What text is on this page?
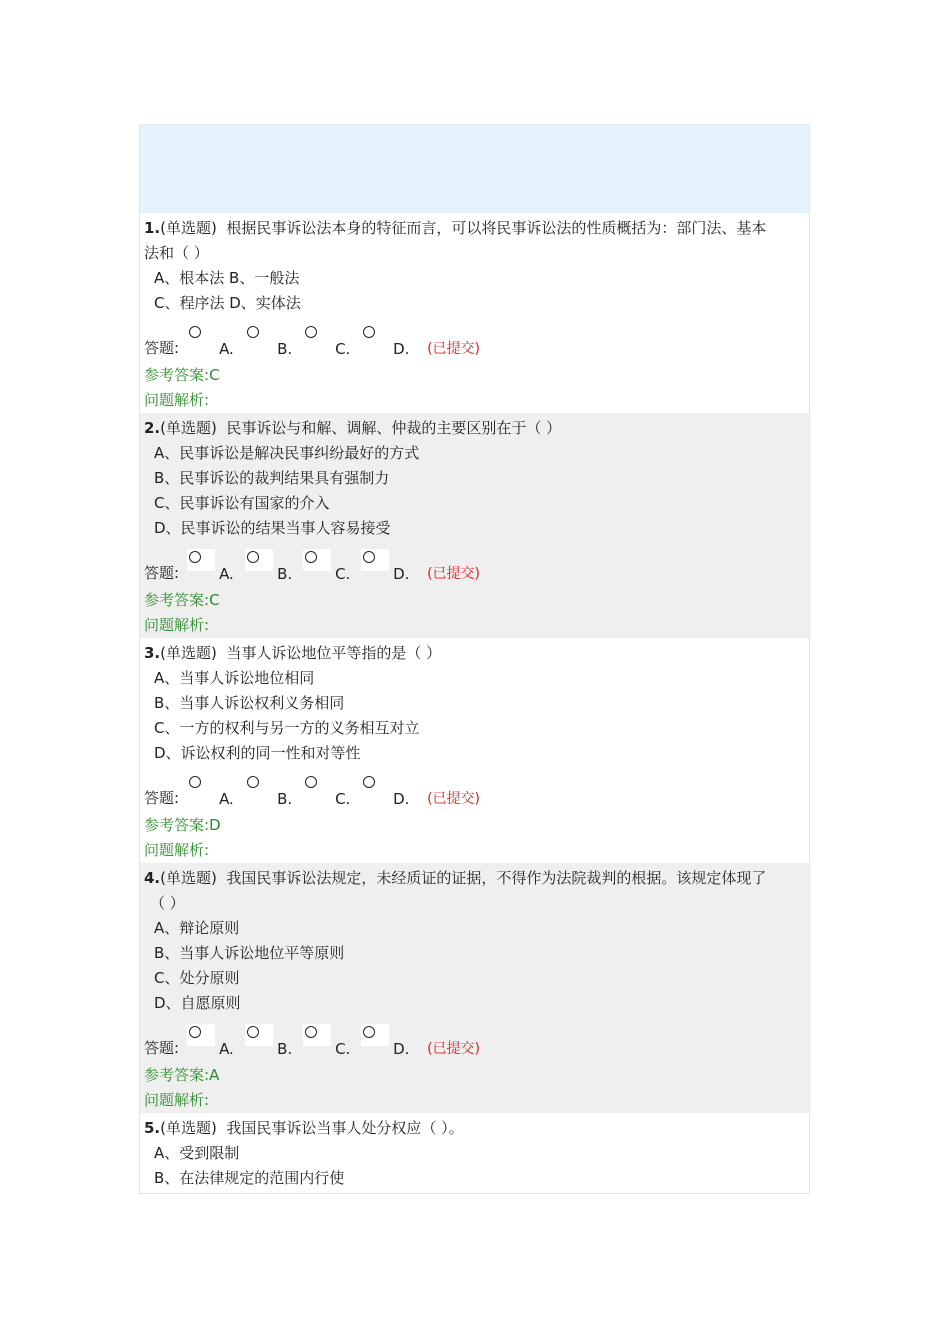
1.(单选题) 根据民事诉讼法本身的特征而言，可以将民事诉讼法的性质概括为：部门法、基本
法和（ ）
A、根本法 B、一般法
C、程序法 D、实体法
答题:	A.	B.	C.	D.	(已提交)
参考答案:C
问题解析:
2.(单选题) 民事诉讼与和解、调解、仲裁的主要区别在于（ ）
A、民事诉讼是解决民事纠纷最好的方式
B、民事诉讼的裁判结果具有强制力
C、民事诉讼有国家的介入
D、民事诉讼的结果当事人容易接受
答题:	A.	B.	C.	D.	(已提交)
参考答案:C
问题解析:
3.(单选题) 当事人诉讼地位平等指的是（ ）
A、当事人诉讼地位相同
B、当事人诉讼权利义务相同
C、一方的权利与另一方的义务相互对立
D、诉讼权利的同一性和对等性
答题:	A.	B.	C.	D.	(已提交)
参考答案:D
问题解析:
4.(单选题) 我国民事诉讼法规定，未经质证的证据，不得作为法院裁判的根据。该规定体现了
（ ）
A、辩论原则
B、当事人诉讼地位平等原则
C、处分原则
D、自愿原则
答题:	A.	B.	C.	D.	(已提交)
参考答案:A
问题解析:
5.(单选题) 我国民事诉讼当事人处分权应（ ）。
A、受到限制
B、在法律规定的范围内行使
